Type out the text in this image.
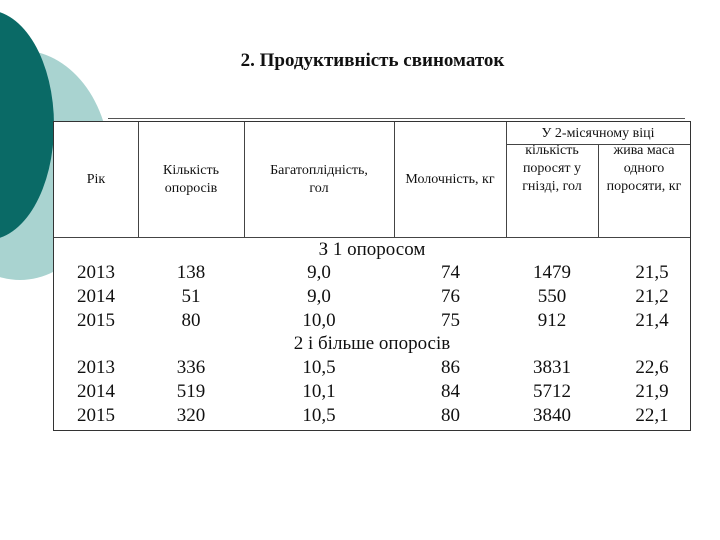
2. Продуктивність свиноматок
Рік
Кількість опоросів
Багатоплідність, гол
Молочність, кг
У 2-місячному віці
кількість поросят у гнізді, гол
жива маса одного поросяти, кг
З 1 опоросом
2013
2014
2015
138
51
80
9,0
9,0
10,0
74
76
75
1479
550
912
21,5
21,2
21,4
2 і більше опоросів
2013
2014
2015
336
519
320
10,5
10,1
10,5
86
84
80
3831
5712
3840
22,6
21,9
22,1
